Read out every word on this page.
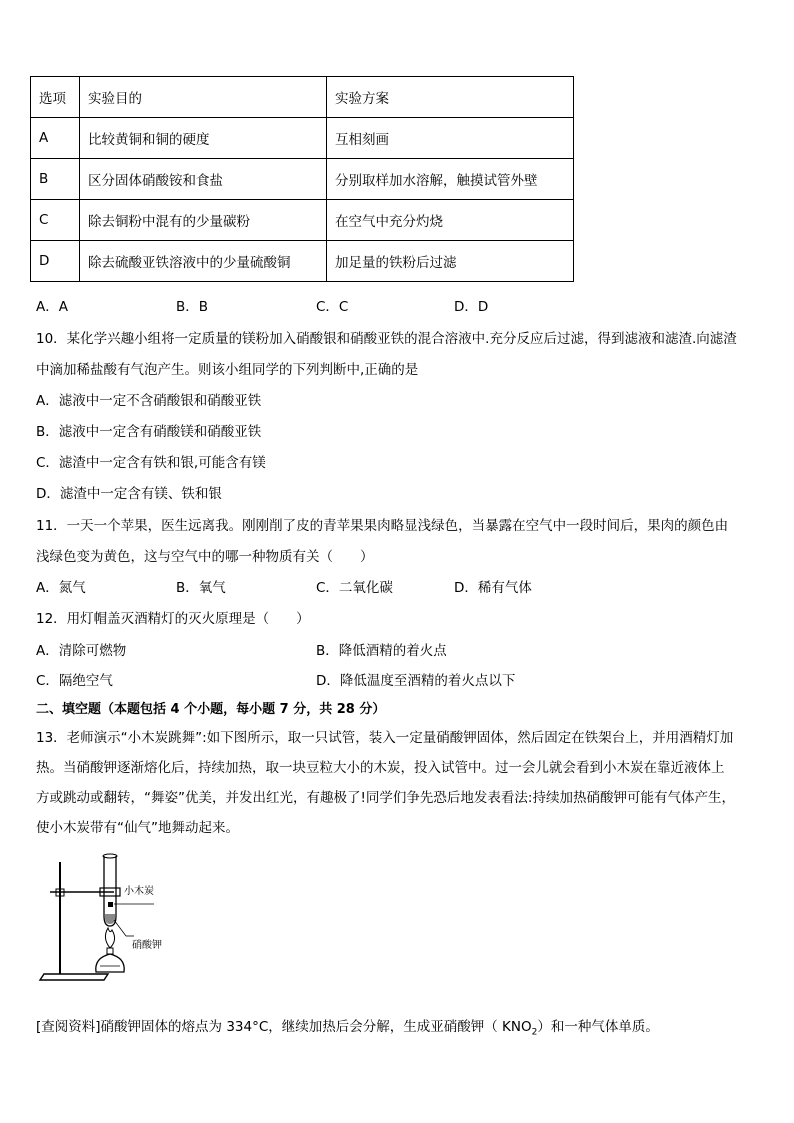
选项	实验目的	实验方案
A	比较黄铜和铜的硬度	互相刻画
B	区分固体硝酸铵和食盐	分别取样加水溶解，触摸试管外壁
C	除去铜粉中混有的少量碳粉	在空气中充分灼烧
D	除去硫酸亚铁溶液中的少量硫酸铜	加足量的铁粉后过滤
A．A	B．B	C．C	D．D
10．某化学兴趣小组将一定质量的镁粉加入硝酸银和硝酸亚铁的混合溶液中.充分反应后过滤，得到滤液和滤渣.向滤渣
中滴加稀盐酸有气泡产生。则该小组同学的下列判断中,正确的是
A．滤液中一定不含硝酸银和硝酸亚铁
B．滤液中一定含有硝酸镁和硝酸亚铁
C．滤渣中一定含有铁和银,可能含有镁
D．滤渣中一定含有镁、铁和银
11．一天一个苹果，医生远离我。刚刚削了皮的青苹果果肉略显浅绿色，当暴露在空气中一段时间后，果肉的颜色由
浅绿色变为黄色，这与空气中的哪一种物质有关（　　）
A．氮气	B．氧气	C．二氧化碳	D．稀有气体
12．用灯帽盖灭酒精灯的灭火原理是（　　）
A．清除可燃物	B．降低酒精的着火点
C．隔绝空气	D．降低温度至酒精的着火点以下
二、填空题（本题包括 4 个小题，每小题 7 分，共 28 分）
13．老师演示“小木炭跳舞”:如下图所示，取一只试管，装入一定量硝酸钾固体，然后固定在铁架台上，并用酒精灯加
热。当硝酸钾逐渐熔化后，持续加热，取一块豆粒大小的木炭，投入试管中。过一会儿就会看到小木炭在靠近液体上
方或跳动或翻转，“舞姿”优美，并发出红光，有趣极了!同学们争先恐后地发表看法:持续加热硝酸钾可能有气体产生，
使小木炭带有“仙气”地舞动起来。
小木炭
硝酸钾
[查阅资料]硝酸钾固体的熔点为 334°C，继续加热后会分解，生成亚硝酸钾（ $KNO_2$）和一种气体单质。
